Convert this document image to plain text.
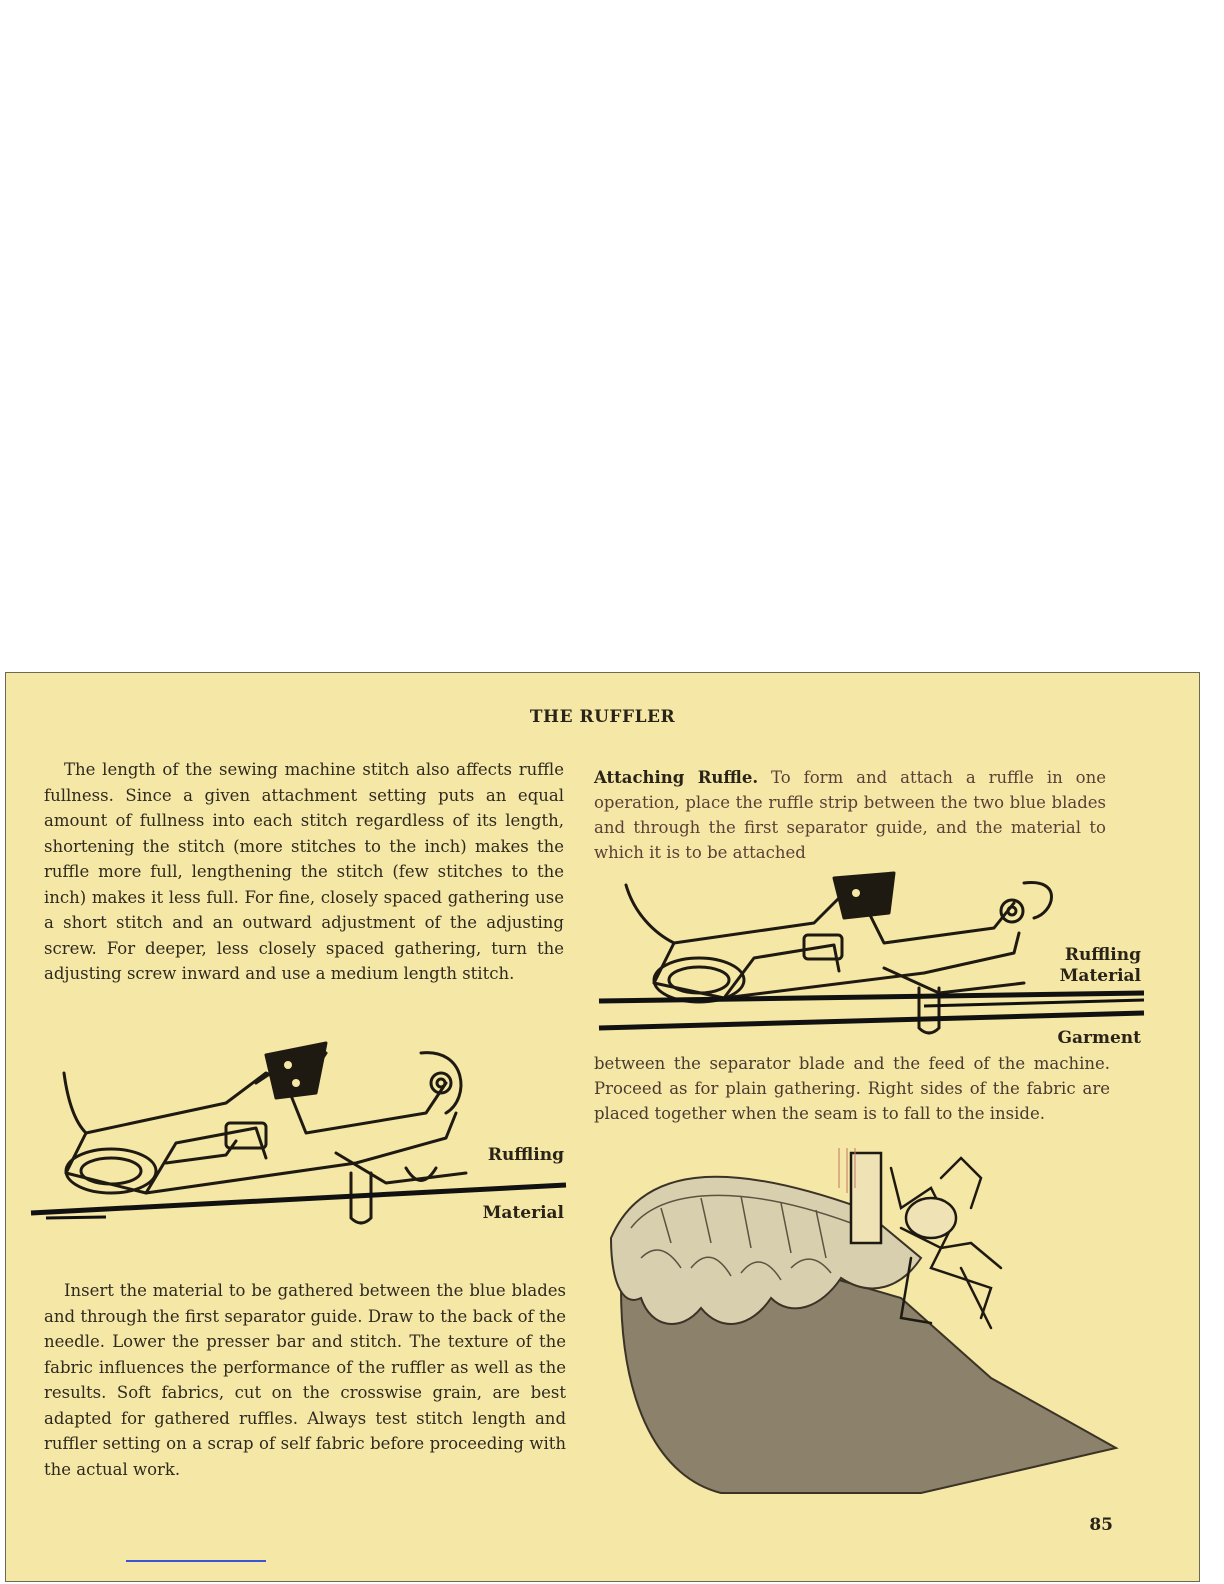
THE RUFFLER

The length of the sewing machine stitch also affects ruffle fullness. Since a given attachment setting puts an equal amount of fullness into each stitch regardless of its length, shortening the stitch (more stitches to the inch) makes the ruffle more full, lengthening the stitch (few stitches to the inch) makes it less full. For fine, closely spaced gathering use a short stitch and an outward adjustment of the adjusting screw. For deeper, less closely spaced gathering, turn the adjusting screw inward and use a medium length stitch.

Ruffling
Material

Insert the material to be gathered between the blue blades and through the first separator guide. Draw to the back of the needle. Lower the presser bar and stitch. The texture of the fabric influences the performance of the ruffler as well as the results. Soft fabrics, cut on the crosswise grain, are best adapted for gathered ruffles. Always test stitch length and ruffler setting on a scrap of self fabric before proceeding with the actual work.

Attaching Ruffle. To form and attach a ruffle in one operation, place the ruffle strip between the two blue blades and through the first separator guide, and the material to which it is to be attached

Ruffling
Material
Garment

between the separator blade and the feed of the machine. Proceed as for plain gathering. Right sides of the fabric are placed together when the seam is to fall to the inside.

85
